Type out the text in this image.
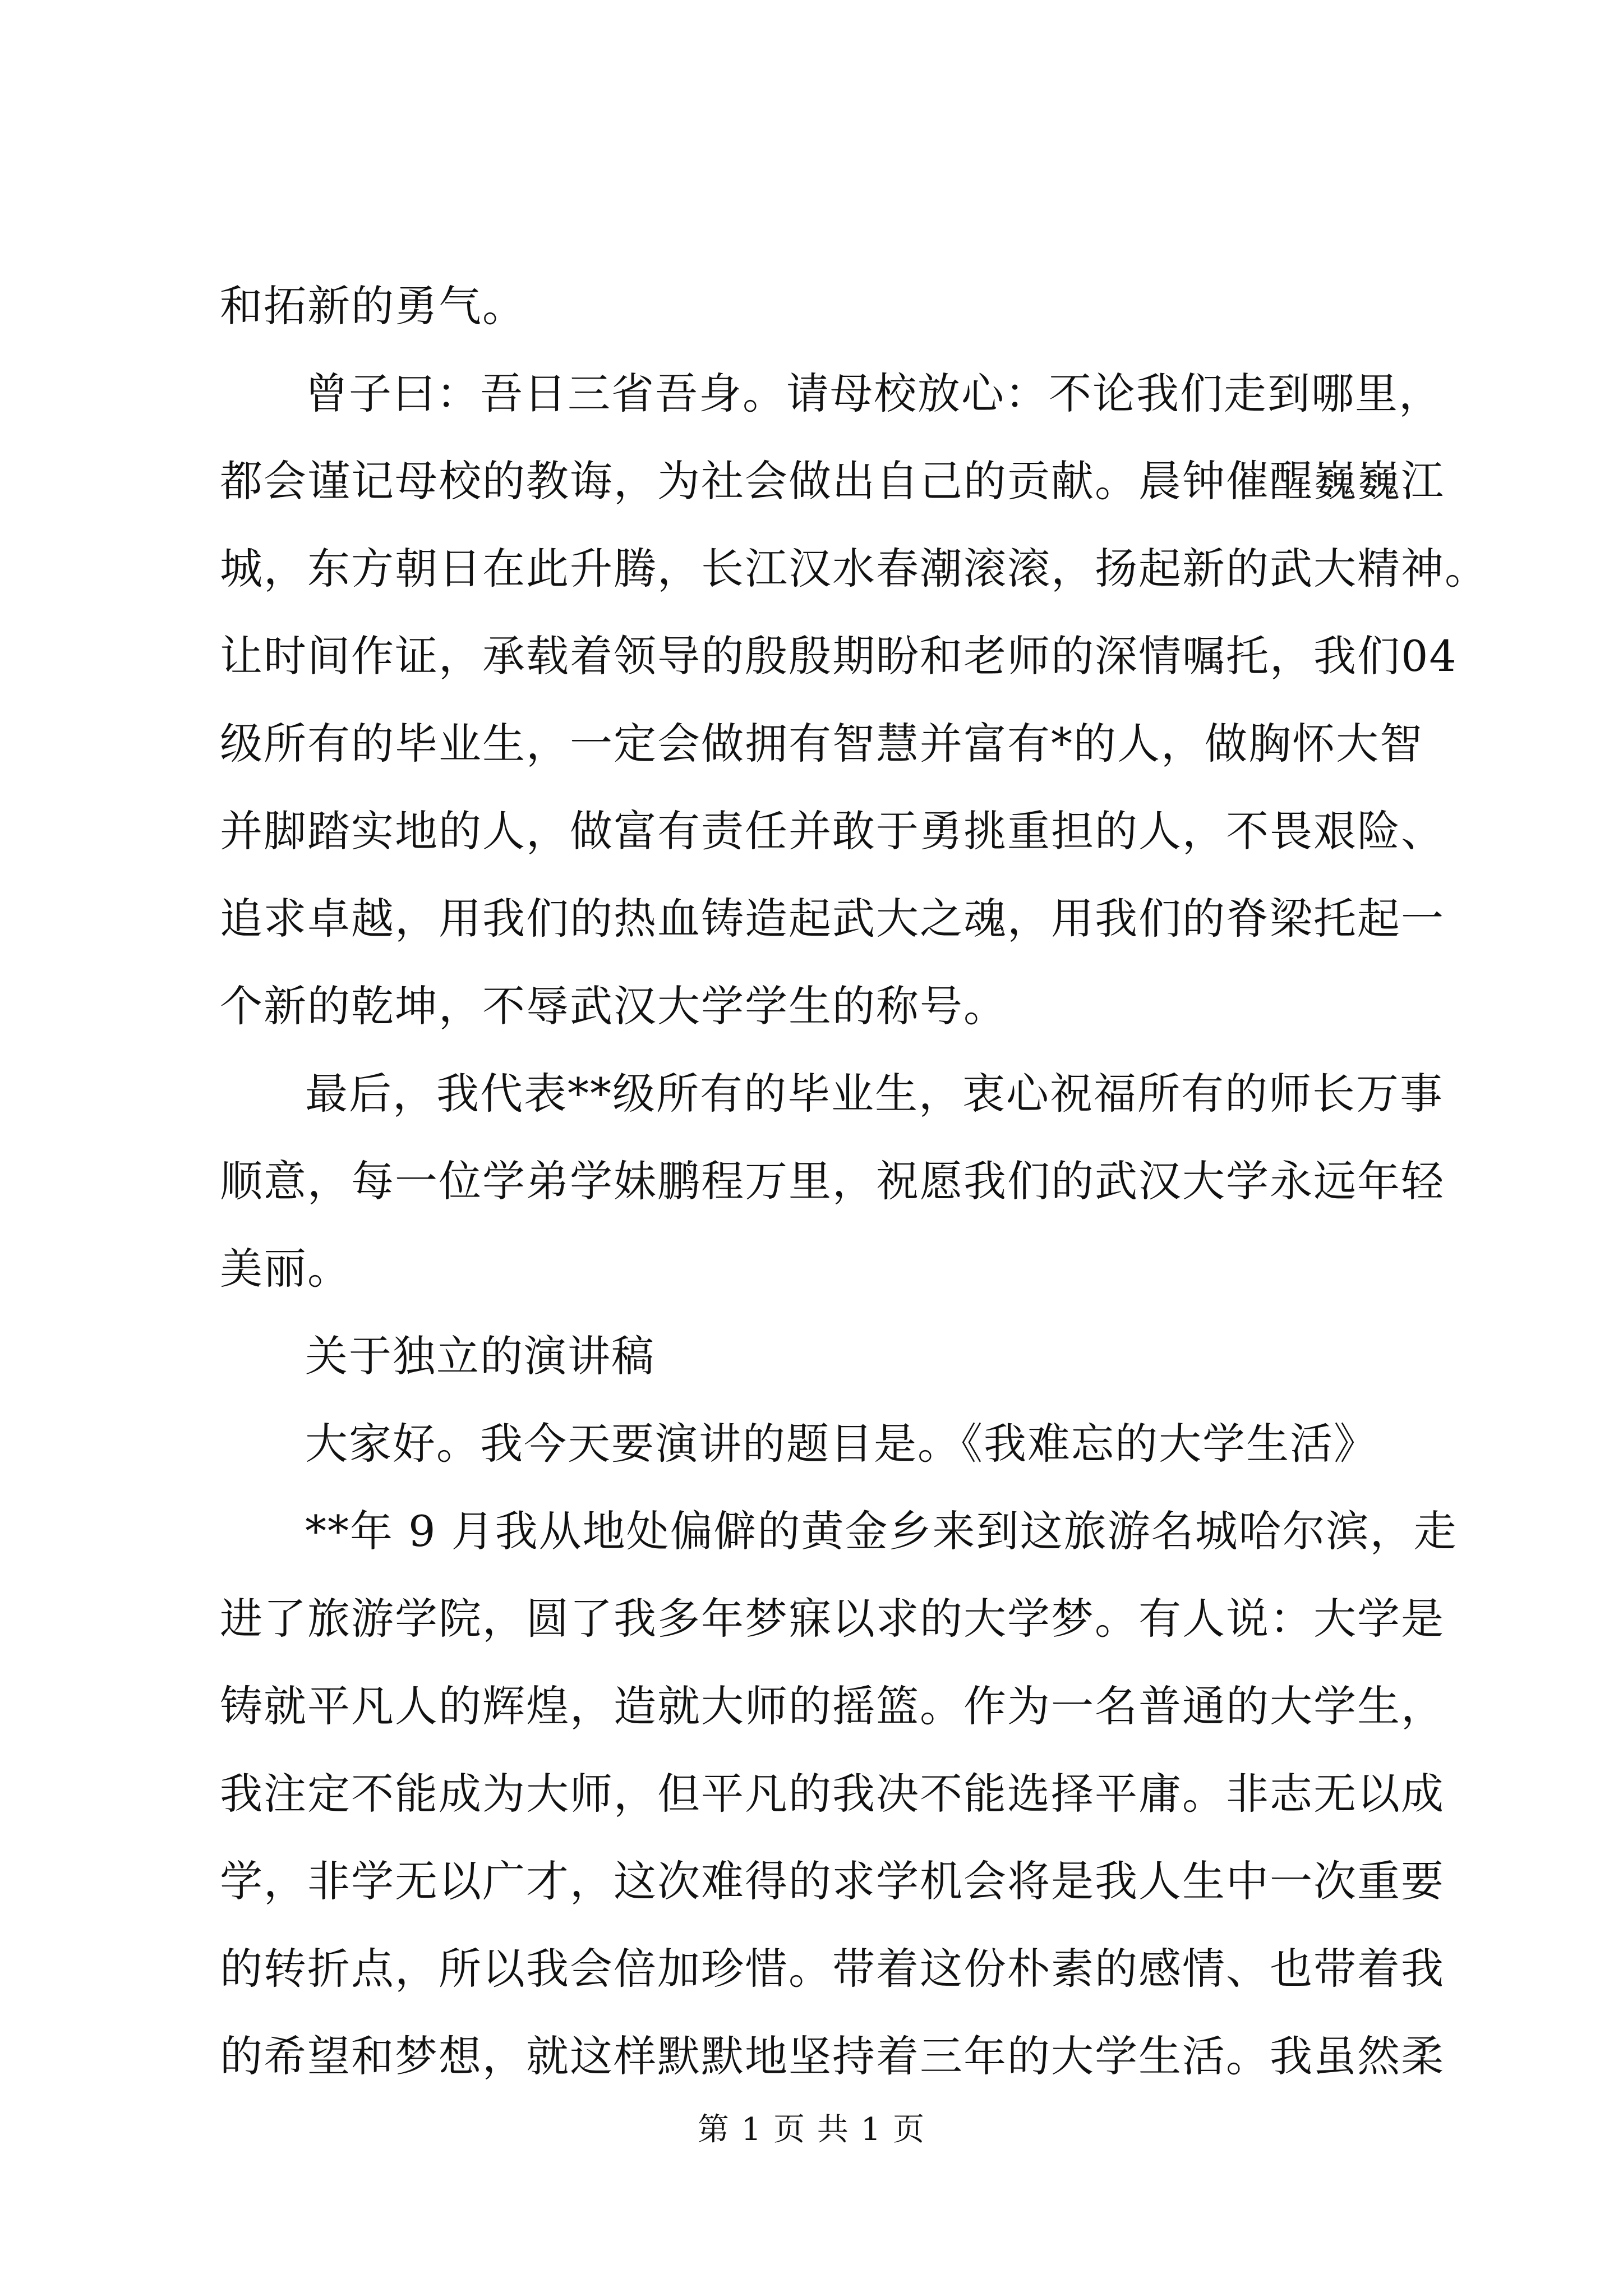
和拓新的勇气。
曾子曰：吾日三省吾身。请母校放心：不论我们走到哪里，
都会谨记母校的教诲，为社会做出自己的贡献。晨钟催醒巍巍江
城，东方朝日在此升腾，长江汉水春潮滚滚，扬起新的武大精神。
让时间作证，承载着领导的殷殷期盼和老师的深情嘱托，我们04
级所有的毕业生，一定会做拥有智慧并富有*的人，做胸怀大智
并脚踏实地的人，做富有责任并敢于勇挑重担的人，不畏艰险、
追求卓越，用我们的热血铸造起武大之魂，用我们的脊梁托起一
个新的乾坤，不辱武汉大学学生的称号。
最后，我代表**级所有的毕业生，衷心祝福所有的师长万事
顺意，每一位学弟学妹鹏程万里，祝愿我们的武汉大学永远年轻
美丽。
关于独立的演讲稿
大家好。我今天要演讲的题目是。《我难忘的大学生活》
**年 9 月我从地处偏僻的黄金乡来到这旅游名城哈尔滨，走
进了旅游学院，圆了我多年梦寐以求的大学梦。有人说：大学是
铸就平凡人的辉煌，造就大师的摇篮。作为一名普通的大学生，
我注定不能成为大师，但平凡的我决不能选择平庸。非志无以成
学，非学无以广才，这次难得的求学机会将是我人生中一次重要
的转折点，所以我会倍加珍惜。带着这份朴素的感情、也带着我
的希望和梦想，就这样默默地坚持着三年的大学生活。我虽然柔
第 1 页 共 1 页
